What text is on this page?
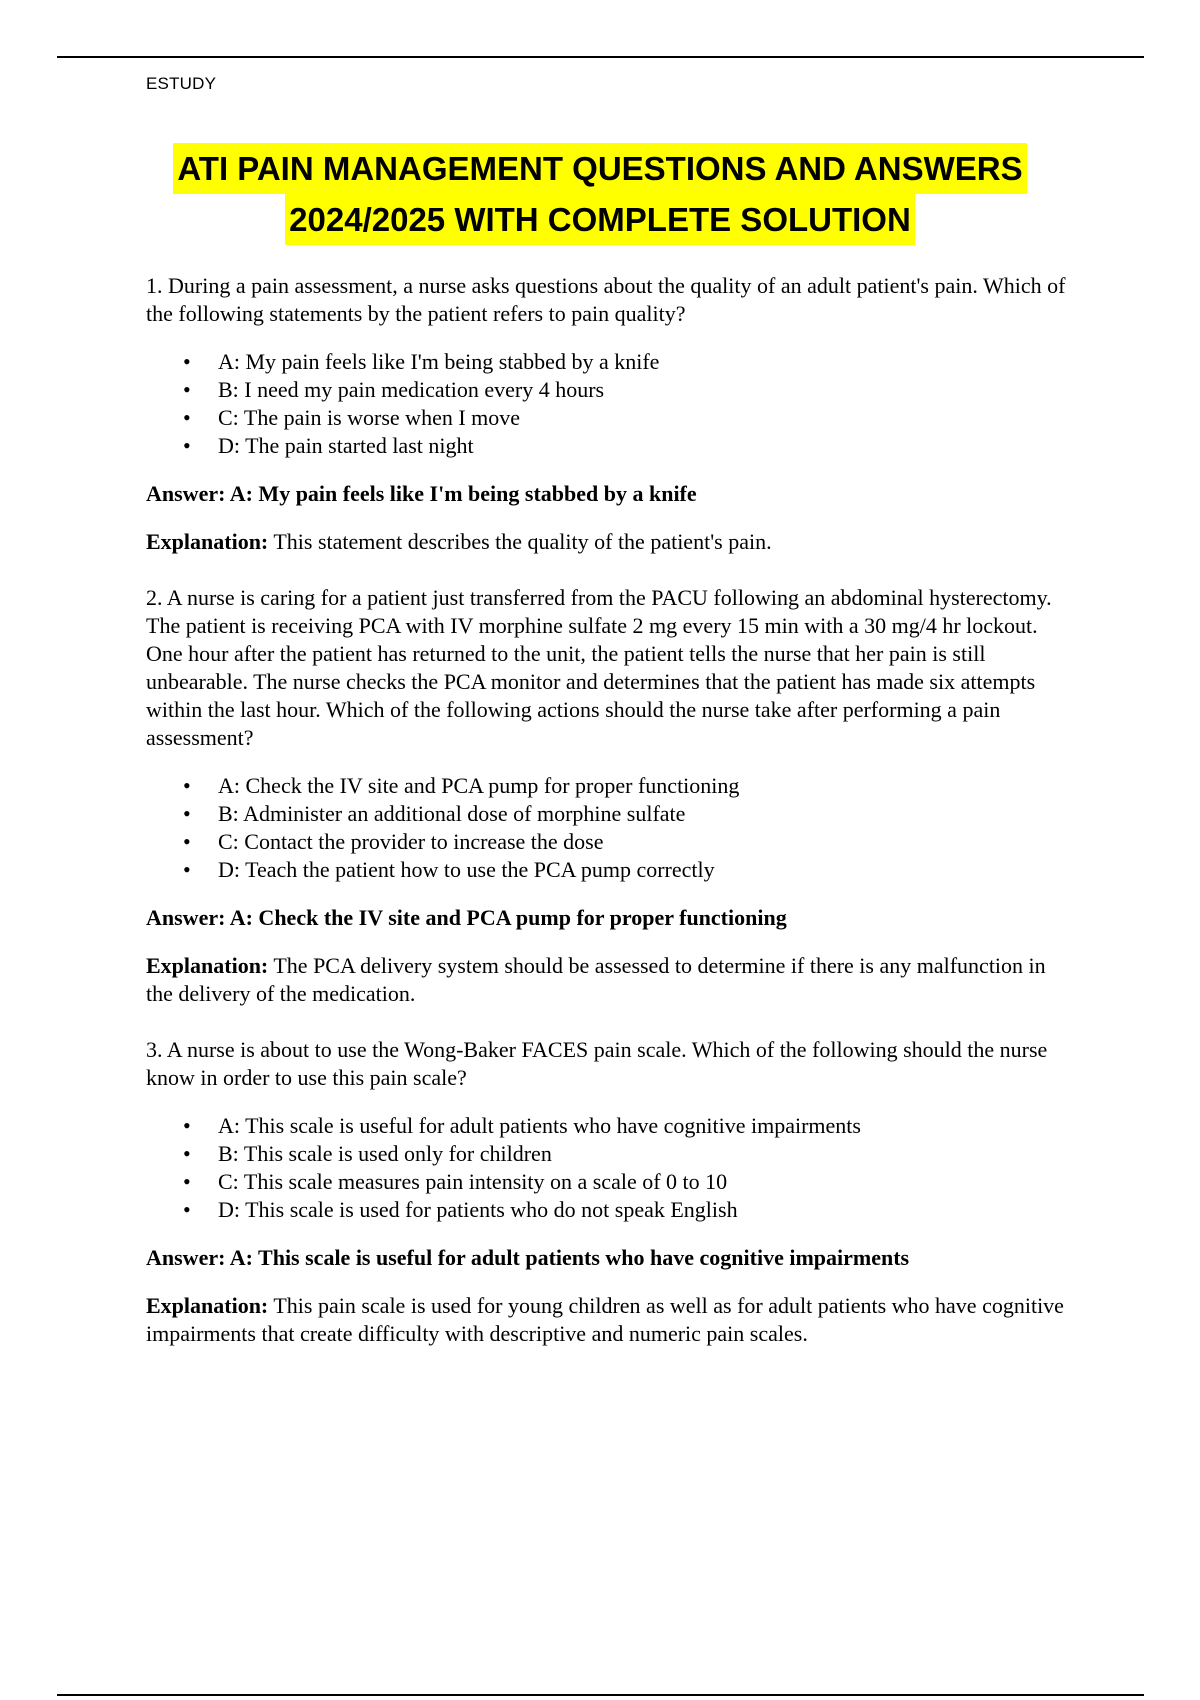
ESTUDY
ATI PAIN MANAGEMENT QUESTIONS AND ANSWERS
2024/2025 WITH COMPLETE SOLUTION

1. During a pain assessment, a nurse asks questions about the quality of an adult patient's pain. Which of the following statements by the patient refers to pain quality?

• A: My pain feels like I'm being stabbed by a knife
• B: I need my pain medication every 4 hours
• C: The pain is worse when I move
• D: The pain started last night

Answer: A: My pain feels like I'm being stabbed by a knife

Explanation: This statement describes the quality of the patient's pain.

2. A nurse is caring for a patient just transferred from the PACU following an abdominal hysterectomy. The patient is receiving PCA with IV morphine sulfate 2 mg every 15 min with a 30 mg/4 hr lockout. One hour after the patient has returned to the unit, the patient tells the nurse that her pain is still unbearable. The nurse checks the PCA monitor and determines that the patient has made six attempts within the last hour. Which of the following actions should the nurse take after performing a pain assessment?

• A: Check the IV site and PCA pump for proper functioning
• B: Administer an additional dose of morphine sulfate
• C: Contact the provider to increase the dose
• D: Teach the patient how to use the PCA pump correctly

Answer: A: Check the IV site and PCA pump for proper functioning

Explanation: The PCA delivery system should be assessed to determine if there is any malfunction in the delivery of the medication.

3. A nurse is about to use the Wong-Baker FACES pain scale. Which of the following should the nurse know in order to use this pain scale?

• A: This scale is useful for adult patients who have cognitive impairments
• B: This scale is used only for children
• C: This scale measures pain intensity on a scale of 0 to 10
• D: This scale is used for patients who do not speak English

Answer: A: This scale is useful for adult patients who have cognitive impairments

Explanation: This pain scale is used for young children as well as for adult patients who have cognitive impairments that create difficulty with descriptive and numeric pain scales.
